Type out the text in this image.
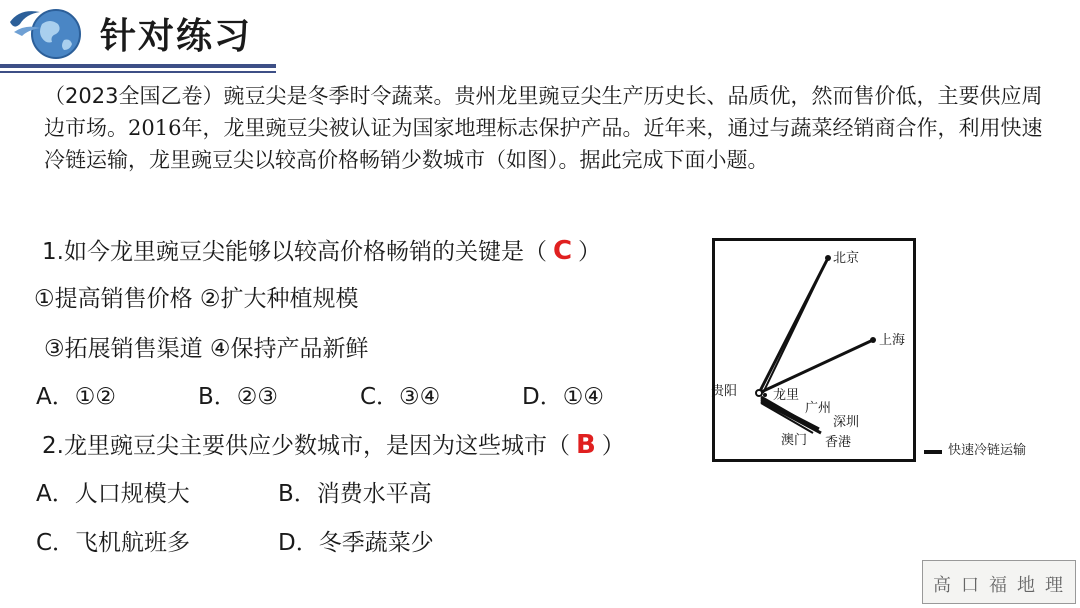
针对练习
（2023全国乙卷）豌豆尖是冬季时令蔬菜。贵州龙里豌豆尖生产历史长、品质优，然而售价低，主要供应周边市场。2016年，龙里豌豆尖被认证为国家地理标志保护产品。近年来，通过与蔬菜经销商合作，利用快速冷链运输，龙里豌豆尖以较高价格畅销少数城市（如图）。据此完成下面小题。
1.如今龙里豌豆尖能够以较高价格畅销的关键是（ C ）
①提高销售价格 ②扩大种植规模
③拓展销售渠道 ④保持产品新鲜
A．①②	B．②③	C．③④	D．①④
2.龙里豌豆尖主要供应少数城市，是因为这些城市（ B ）
A．人口规模大	B．消费水平高
C．飞机航班多	D．冬季蔬菜少
北京
上海
贵阳	龙里
广州
深圳
澳门 香港
快速冷链运输
高 口 福 地 理
